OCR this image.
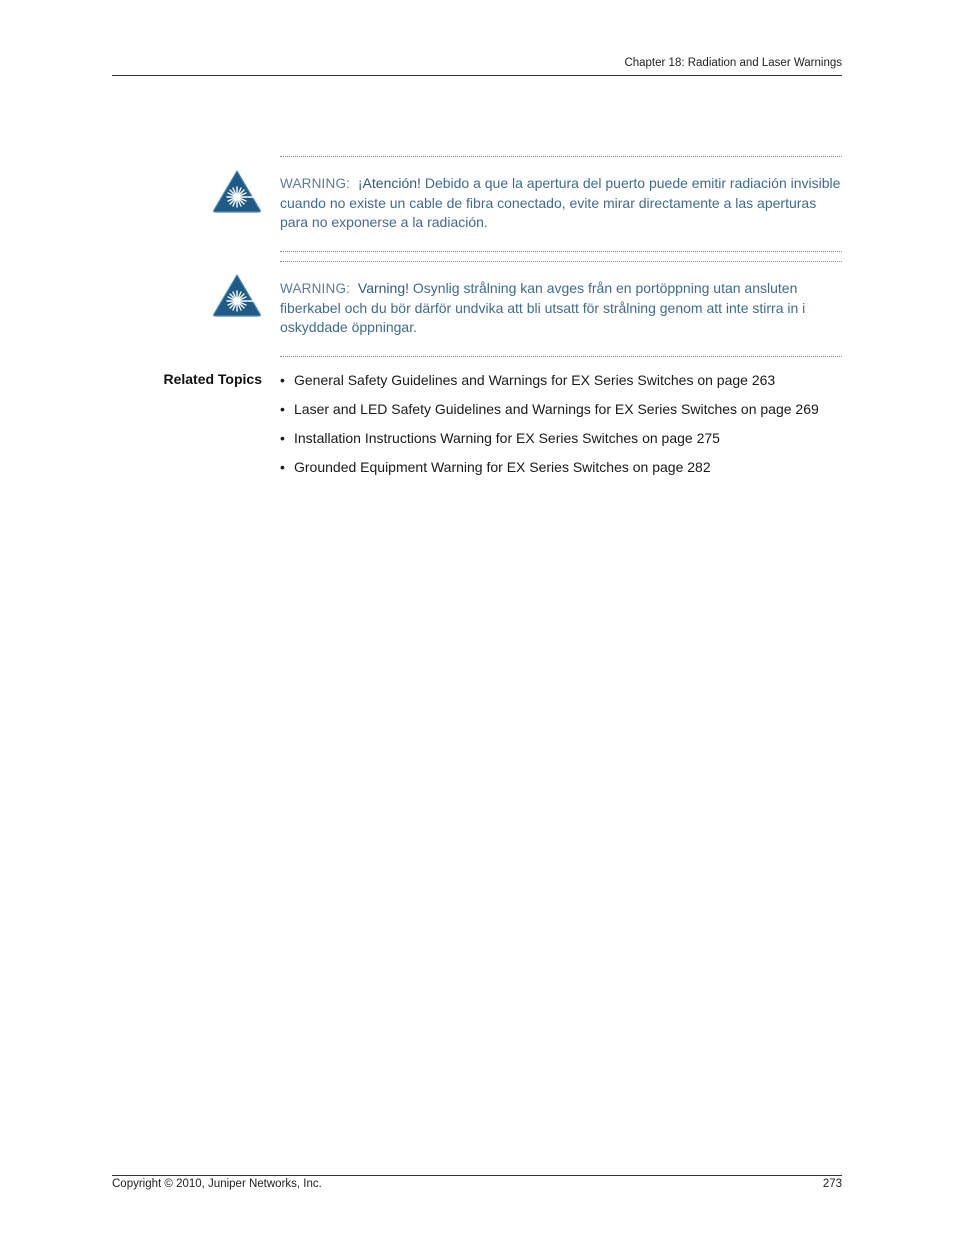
Chapter 18: Radiation and Laser Warnings

WARNING: ¡Atención! Debido a que la apertura del puerto puede emitir radiación invisible cuando no existe un cable de fibra conectado, evite mirar directamente a las aperturas para no exponerse a la radiación.

WARNING: Varning! Osynlig strålning kan avges från en portöppning utan ansluten fiberkabel och du bör därför undvika att bli utsatt för strålning genom att inte stirra in i oskyddade öppningar.

Related Topics • General Safety Guidelines and Warnings for EX Series Switches on page 263
• Laser and LED Safety Guidelines and Warnings for EX Series Switches on page 269
• Installation Instructions Warning for EX Series Switches on page 275
• Grounded Equipment Warning for EX Series Switches on page 282
Copyright © 2010, Juniper Networks, Inc.	273
